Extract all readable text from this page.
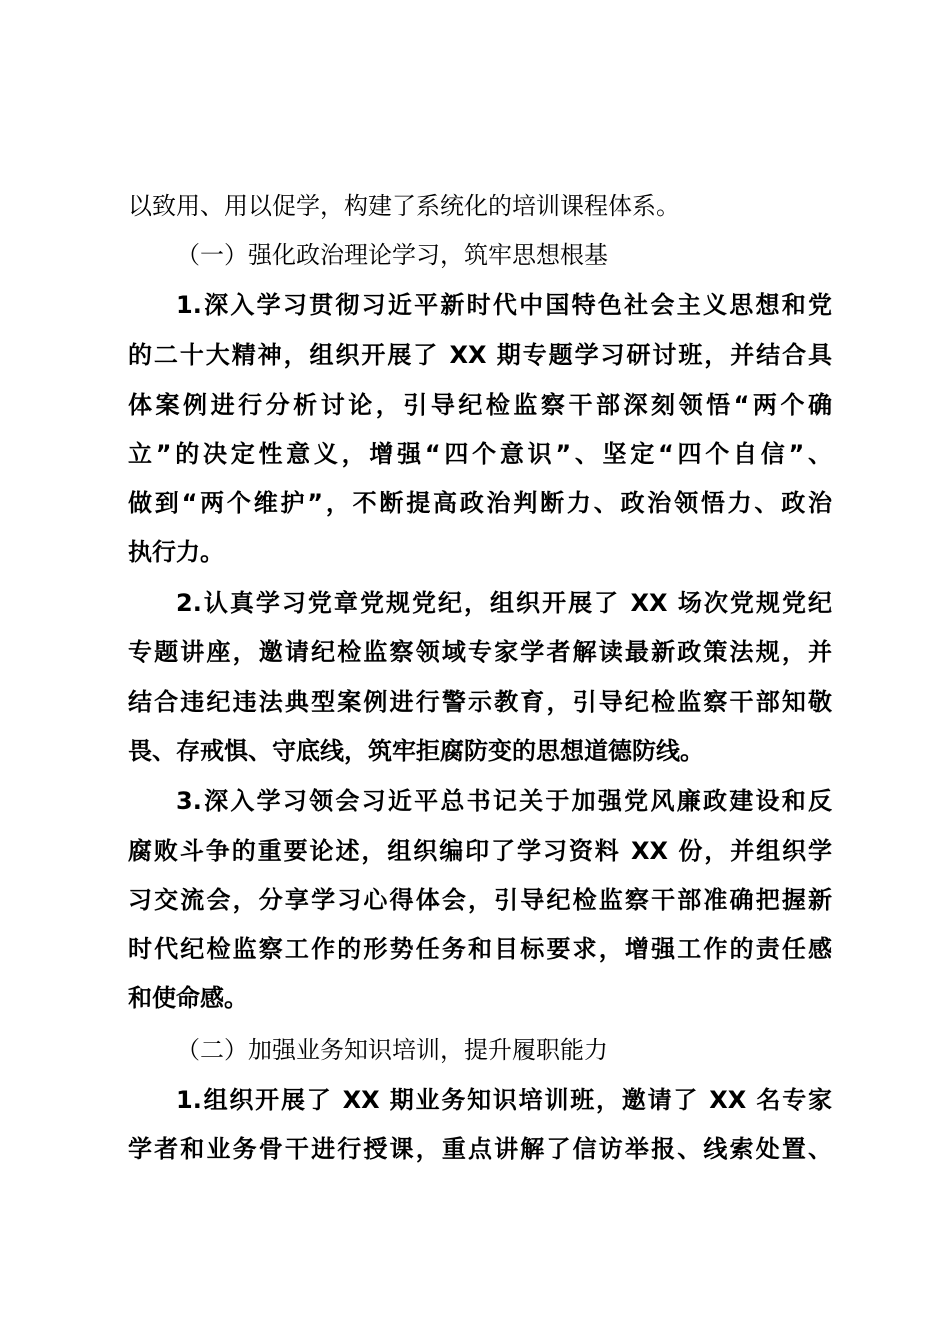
以致用、用以促学，构建了系统化的培训课程体系。
（一）强化政治理论学习，筑牢思想根基
1.深入学习贯彻习近平新时代中国特色社会主义思想和党
的二十大精神，组织开展了 XX 期专题学习研讨班，并结合具
体案例进行分析讨论，引导纪检监察干部深刻领悟“两个确
立”的决定性意义，增强“四个意识”、坚定“四个自信”、
做到“两个维护”，不断提高政治判断力、政治领悟力、政治
执行力。
2.认真学习党章党规党纪，组织开展了 XX 场次党规党纪
专题讲座，邀请纪检监察领域专家学者解读最新政策法规，并
结合违纪违法典型案例进行警示教育，引导纪检监察干部知敬
畏、存戒惧、守底线，筑牢拒腐防变的思想道德防线。
3.深入学习领会习近平总书记关于加强党风廉政建设和反
腐败斗争的重要论述，组织编印了学习资料 XX 份，并组织学
习交流会，分享学习心得体会，引导纪检监察干部准确把握新
时代纪检监察工作的形势任务和目标要求，增强工作的责任感
和使命感。
（二）加强业务知识培训，提升履职能力
1.组织开展了 XX 期业务知识培训班，邀请了 XX 名专家
学者和业务骨干进行授课，重点讲解了信访举报、线索处置、
